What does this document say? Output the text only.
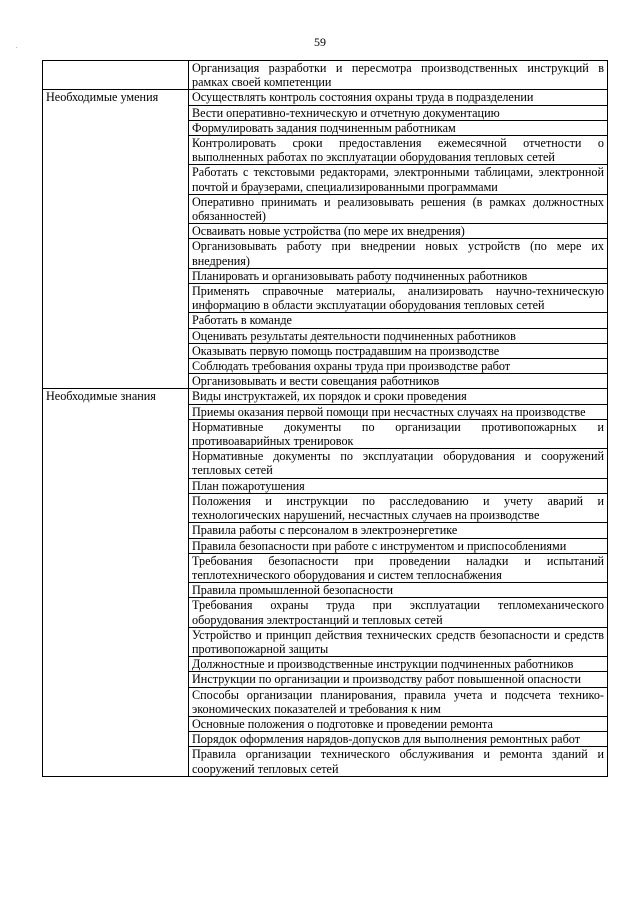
59
.
	Организация разработки и пересмотра производственных инструкций в рамках своей компетенции
Необходимые умения	Осуществлять контроль состояния охраны труда в подразделении
	Вести оперативно-техническую и отчетную документацию
	Формулировать задания подчиненным работникам
	Контролировать сроки предоставления ежемесячной отчетности о выполненных работах по эксплуатации оборудования тепловых сетей
	Работать с текстовыми редакторами, электронными таблицами, электронной почтой и браузерами, специализированными программами
	Оперативно принимать и реализовывать решения (в рамках должностных обязанностей)
	Осваивать новые устройства (по мере их внедрения)
	Организовывать работу при внедрении новых устройств (по мере их внедрения)
	Планировать и организовывать работу подчиненных работников
	Применять справочные материалы, анализировать научно-техническую информацию в области эксплуатации оборудования тепловых сетей
	Работать в команде
	Оценивать результаты деятельности подчиненных работников
	Оказывать первую помощь пострадавшим на производстве
	Соблюдать требования охраны труда при производстве работ
	Организовывать и вести совещания работников
Необходимые знания	Виды инструктажей, их порядок и сроки проведения
	Приемы оказания первой помощи при несчастных случаях на производстве
	Нормативные документы по организации противопожарных и противоаварийных тренировок
	Нормативные документы по эксплуатации оборудования и сооружений тепловых сетей
	План пожаротушения
	Положения и инструкции по расследованию и учету аварий и технологических нарушений, несчастных случаев на производстве
	Правила работы с персоналом в электроэнергетике
	Правила безопасности при работе с инструментом и приспособлениями
	Требования безопасности при проведении наладки и испытаний теплотехнического оборудования и систем теплоснабжения
	Правила промышленной безопасности
	Требования охраны труда при эксплуатации тепломеханического оборудования электростанций и тепловых сетей
	Устройство и принцип действия технических средств безопасности и средств противопожарной защиты
	Должностные и производственные инструкции подчиненных работников
	Инструкции по организации и производству работ повышенной опасности
	Способы организации планирования, правила учета и подсчета технико-экономических показателей и требования к ним
	Основные положения о подготовке и проведении ремонта
	Порядок оформления нарядов-допусков для выполнения ремонтных работ
	Правила организации технического обслуживания и ремонта зданий и сооружений тепловых сетей
